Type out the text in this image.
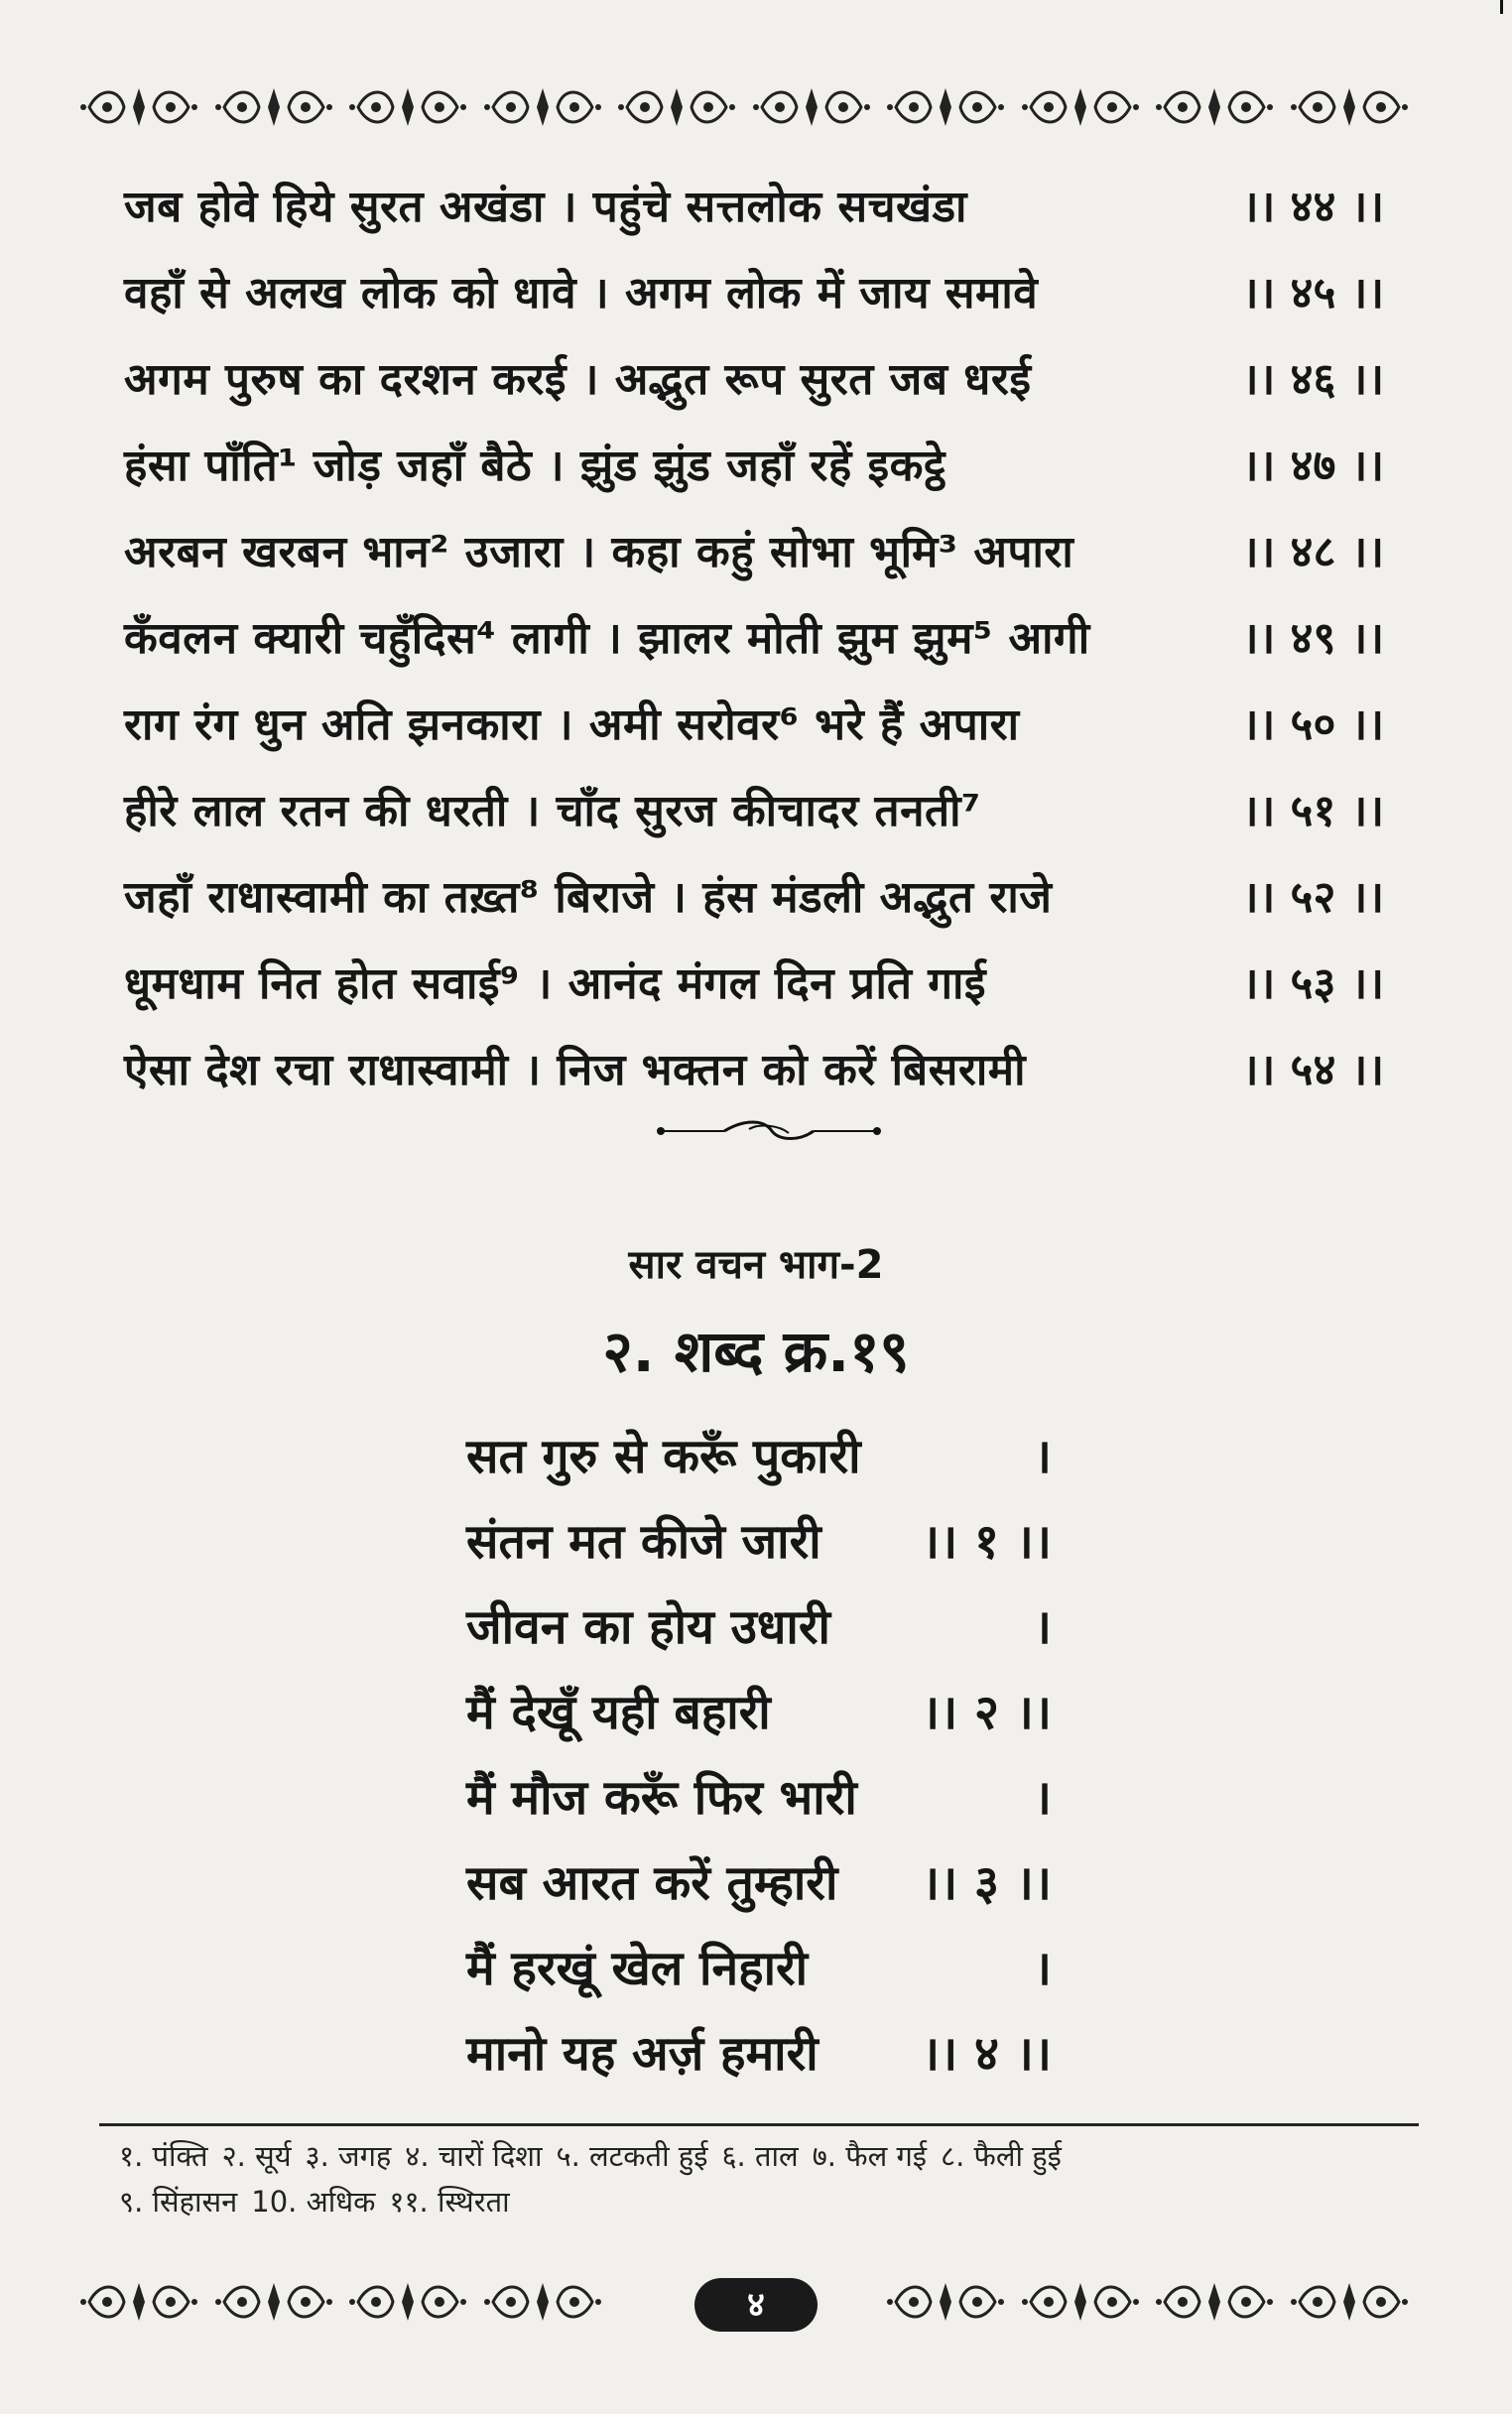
जब होवे हिये सुरत अखंडा । पहुंचे सत्तलोक सचखंडा	।। ४४ ।।
वहाँ से अलख लोक को धावे । अगम लोक में जाय समावे	।। ४५ ।।
अगम पुरुष का दरशन करई । अद्भुत रूप सुरत जब धरई	।। ४६ ।।
हंसा पाँति¹ जोड़ जहाँ बैठे । झुंड झुंड जहाँ रहें इकट्ठे	।। ४७ ।।
अरबन खरबन भान² उजारा । कहा कहुं सोभा भूमि³ अपारा	।। ४८ ।।
कँवलन क्यारी चहुँदिस⁴ लागी । झालर मोती झुम झुम⁵ आगी	।। ४९ ।।
राग रंग धुन अति झनकारा । अमी सरोवर⁶ भरे हैं अपारा	।। ५० ।।
हीरे लाल रतन की धरती । चाँद सुरज कीचादर तनती⁷	।। ५१ ।।
जहाँ राधास्वामी का तख़्त⁸ बिराजे । हंस मंडली अद्भुत राजे	।। ५२ ।।
धूमधाम नित होत सवाई⁹ । आनंद मंगल दिन प्रति गाई	।। ५३ ।।
ऐसा देश रचा राधास्वामी । निज भक्तन को करें बिसरामी	।। ५४ ।।
सार वचन भाग-2
२. शब्द क्र.१९
सत गुरु से करूँ पुकारी	।
संतन मत कीजे जारी ।। १ ।।
जीवन का होय उधारी	।
मैं देखूँ यही बहारी	।। २ ।।
मैं मौज करूँ फिर भारी	।
सब आरत करें तुम्हारी ।। ३ ।।
मैं हरखूं खेल निहारी	।
मानो यह अर्ज़ हमारी ।। ४ ।।
१. पंक्ति २. सूर्य ३. जगह ४. चारों दिशा ५. लटकती हुई ६. ताल ७. फैल गई ८. फैली हुई
९. सिंहासन 10. अधिक ११. स्थिरता
४
